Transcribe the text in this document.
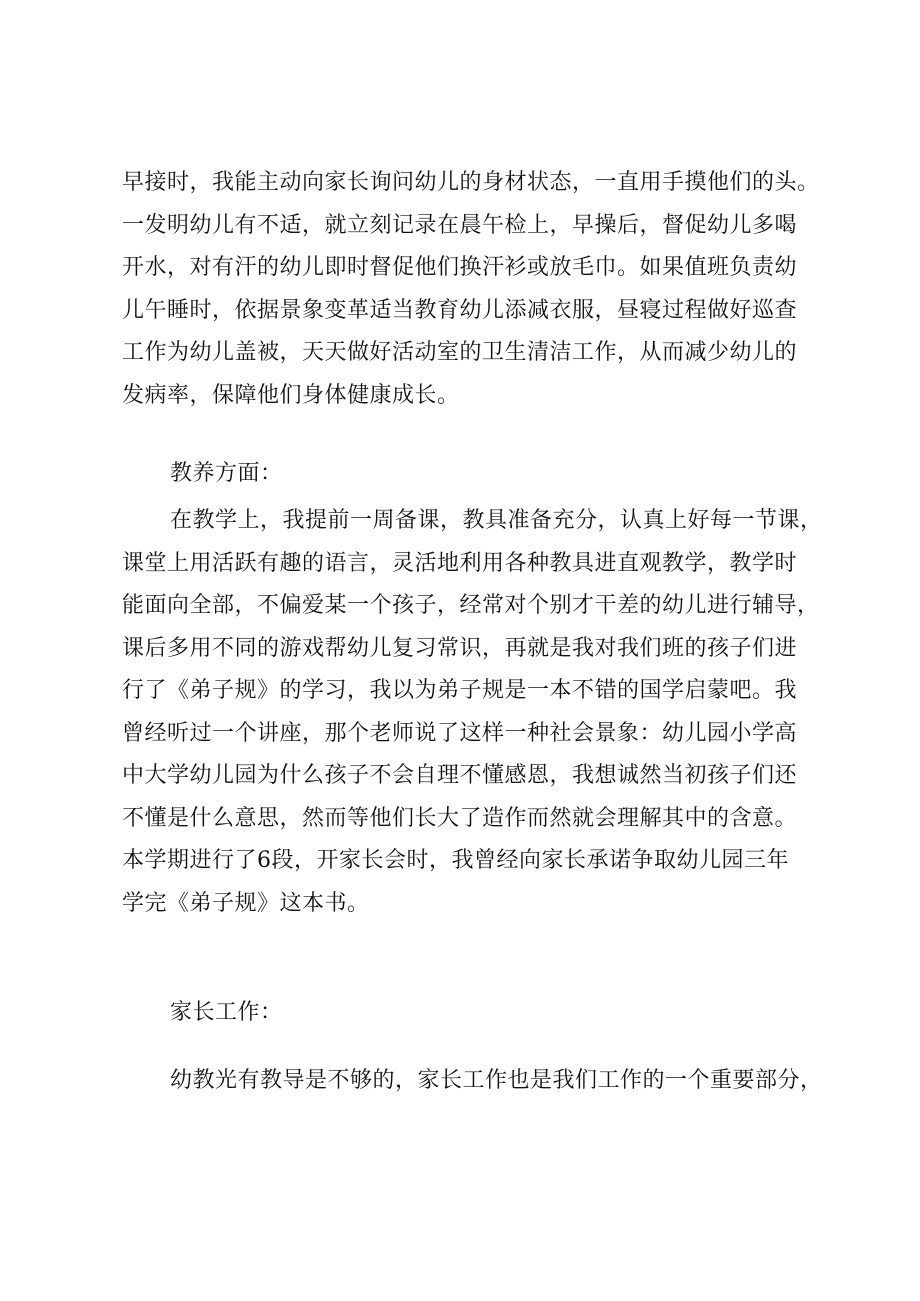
早接时，我能主动向家长询问幼儿的身材状态，一直用手摸他们的头。
一发明幼儿有不适，就立刻记录在晨午检上，早操后，督促幼儿多喝
开水，对有汗的幼儿即时督促他们换汗衫或放毛巾。如果值班负责幼
儿午睡时，依据景象变革适当教育幼儿添减衣服，昼寝过程做好巡查
工作为幼儿盖被，天天做好活动室的卫生清洁工作，从而减少幼儿的
发病率，保障他们身体健康成长。
教养方面：
在教学上，我提前一周备课，教具准备充分，认真上好每一节课，
课堂上用活跃有趣的语言，灵活地利用各种教具进直观教学，教学时
能面向全部，不偏爱某一个孩子，经常对个别才干差的幼儿进行辅导，
课后多用不同的游戏帮幼儿复习常识，再就是我对我们班的孩子们进
行了《弟子规》的学习，我以为弟子规是一本不错的国学启蒙吧。我
曾经听过一个讲座，那个老师说了这样一种社会景象：幼儿园小学高
中大学幼儿园为什么孩子不会自理不懂感恩，我想诚然当初孩子们还
不懂是什么意思，然而等他们长大了造作而然就会理解其中的含意。
本学期进行了6段，开家长会时，我曾经向家长承诺争取幼儿园三年
学完《弟子规》这本书。
家长工作：
幼教光有教导是不够的，家长工作也是我们工作的一个重要部分，
